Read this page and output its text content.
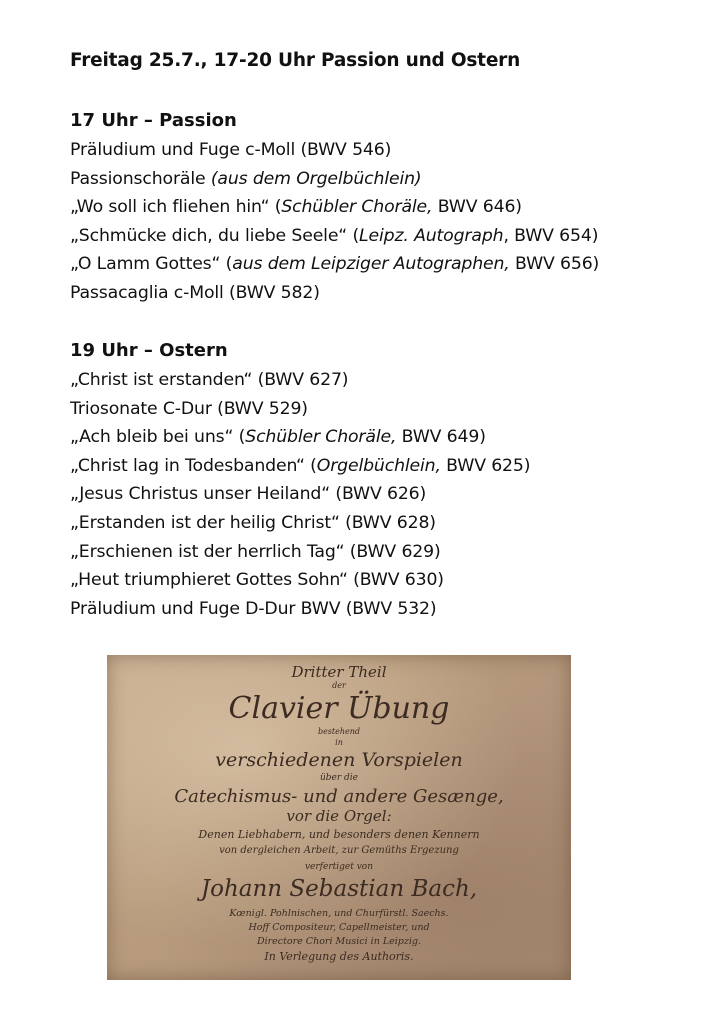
Freitag 25.7., 17-20 Uhr Passion und Ostern
17 Uhr – Passion
Präludium und Fuge c-Moll (BWV 546)
Passionschoräle (aus dem Orgelbüchlein)
„Wo soll ich fliehen hin“ (Schübler Choräle, BWV 646)
„Schmücke dich, du liebe Seele“ (Leipz. Autograph, BWV 654)
„O Lamm Gottes“ (aus dem Leipziger Autographen, BWV 656)
Passacaglia c-Moll (BWV 582)
19 Uhr – Ostern
„Christ ist erstanden“ (BWV 627)
Triosonate C-Dur (BWV 529)
„Ach bleib bei uns“ (Schübler Choräle, BWV 649)
„Christ lag in Todesbanden“ (Orgelbüchlein, BWV 625)
„Jesus Christus unser Heiland“ (BWV 626)
„Erstanden ist der heilig Christ“ (BWV 628)
„Erschienen ist der herrlich Tag“ (BWV 629)
„Heut triumphieret Gottes Sohn“ (BWV 630)
Präludium und Fuge D-Dur BWV (BWV 532)
Dritter Theil
der
Clavier Übung
bestehend
in
verschiedenen Vorspielen
über die
Catechismus- und andere Gesænge,
vor die Orgel:
Denen Liebhabern, und besonders denen Kennern
von dergleichen Arbeit, zur Gemüths Ergezung
verfertiget von
Johann Sebastian Bach,
Kœnigl. Pohlnischen, und Churfürstl. Saechs.
Hoff Compositeur, Capellmeister, und
Directore Chori Musici in Leipzig.
In Verlegung des Authoris.
